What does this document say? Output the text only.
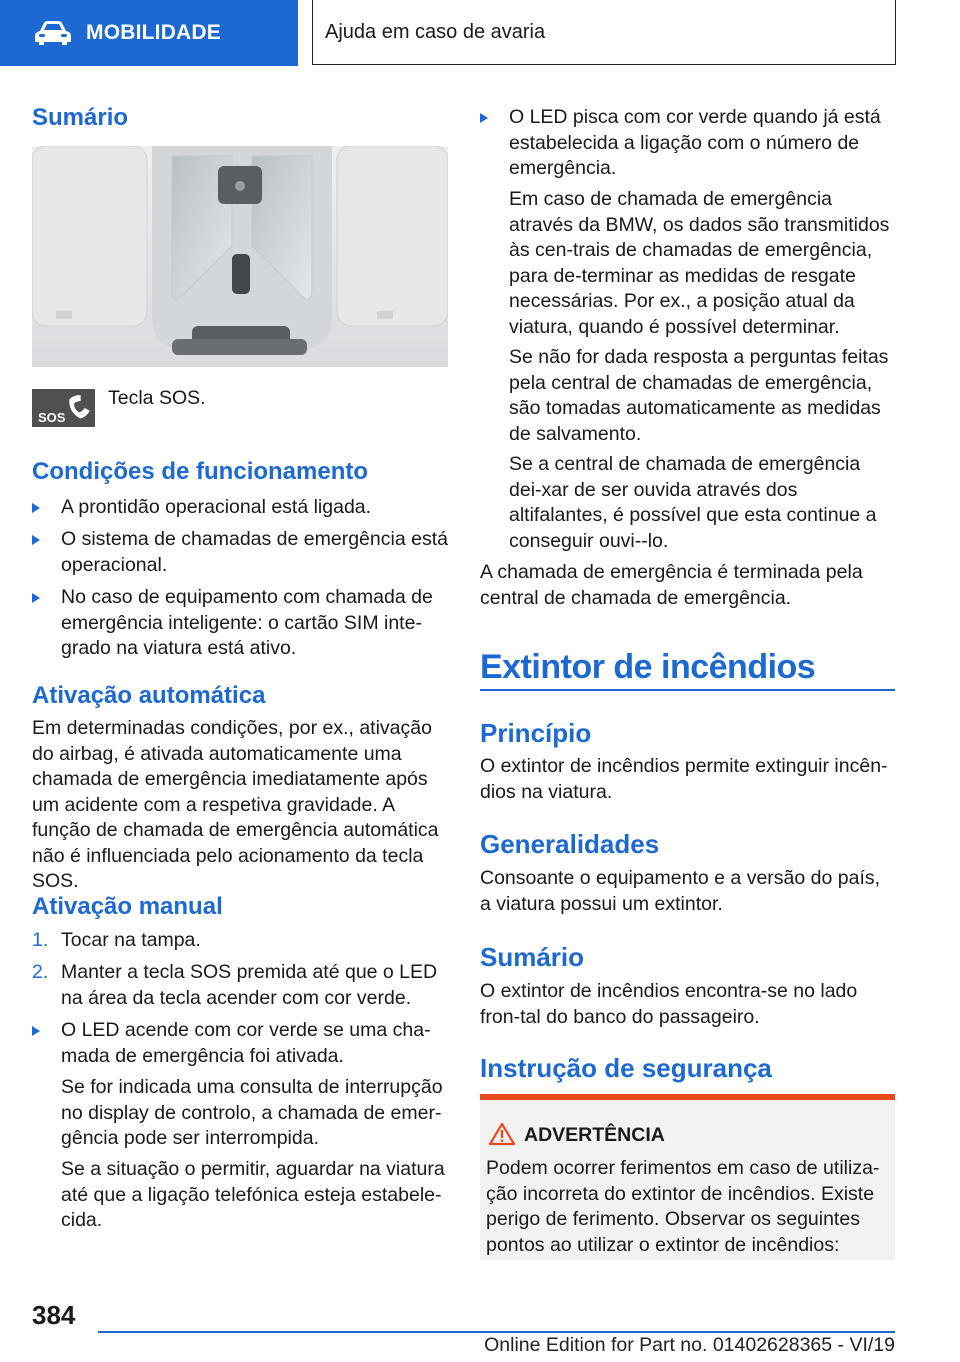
MOBILIDADE	Ajuda em caso de avaria
Sumário
SOS

Tecla SOS.

Condições de funcionamento
A prontidão operacional está ligada.
O sistema de chamadas de emergência está operacional.
No caso de equipamento com chamada de emergência inteligente: o cartão SIM inte-grado na viatura está ativo.
Ativação automática

Em determinadas condições, por ex., ativação do airbag, é ativada automaticamente uma chamada de emergência imediatamente após um acidente com a respetiva gravidade. A função de chamada de emergência automática não é influenciada pelo acionamento da tecla SOS.

Ativação manual
1. Tocar na tampa.
2. Manter a tecla SOS premida até que o LED na área da tecla acender com cor verde.
O LED acende com cor verde se uma cha-mada de emergência foi ativada.

Se for indicada uma consulta de interrupção no display de controlo, a chamada de emer-gência pode ser interrompida.

Se a situação o permitir, aguardar na viatura até que a ligação telefónica esteja estabele-cida.

O LED pisca com cor verde quando já está estabelecida a ligação com o número de emergência.

Em caso de chamada de emergência através da BMW, os dados são transmitidos às cen-trais de chamadas de emergência, para de-terminar as medidas de resgate necessárias. Por ex., a posição atual da viatura, quando é possível determinar.

Se não for dada resposta a perguntas feitas pela central de chamadas de emergência, são tomadas automaticamente as medidas de salvamento.

Se a central de chamada de emergência dei-xar de ser ouvida através dos altifalantes, é possível que esta continue a conseguir ouvi--lo.

A chamada de emergência é terminada pela central de chamada de emergência.

Extintor de incêndios
Princípio

O extintor de incêndios permite extinguir incên-dios na viatura.

Generalidades

Consoante o equipamento e a versão do país, a viatura possui um extintor.

Sumário

O extintor de incêndios encontra-se no lado fron-tal do banco do passageiro.

Instrução de segurança
ADVERTÊNCIA

Podem ocorrer ferimentos em caso de utiliza-ção incorreta do extintor de incêndios. Existe perigo de ferimento. Observar os seguintes pontos ao utilizar o extintor de incêndios:

384
Online Edition for Part no. 01402628365 - VI/19
